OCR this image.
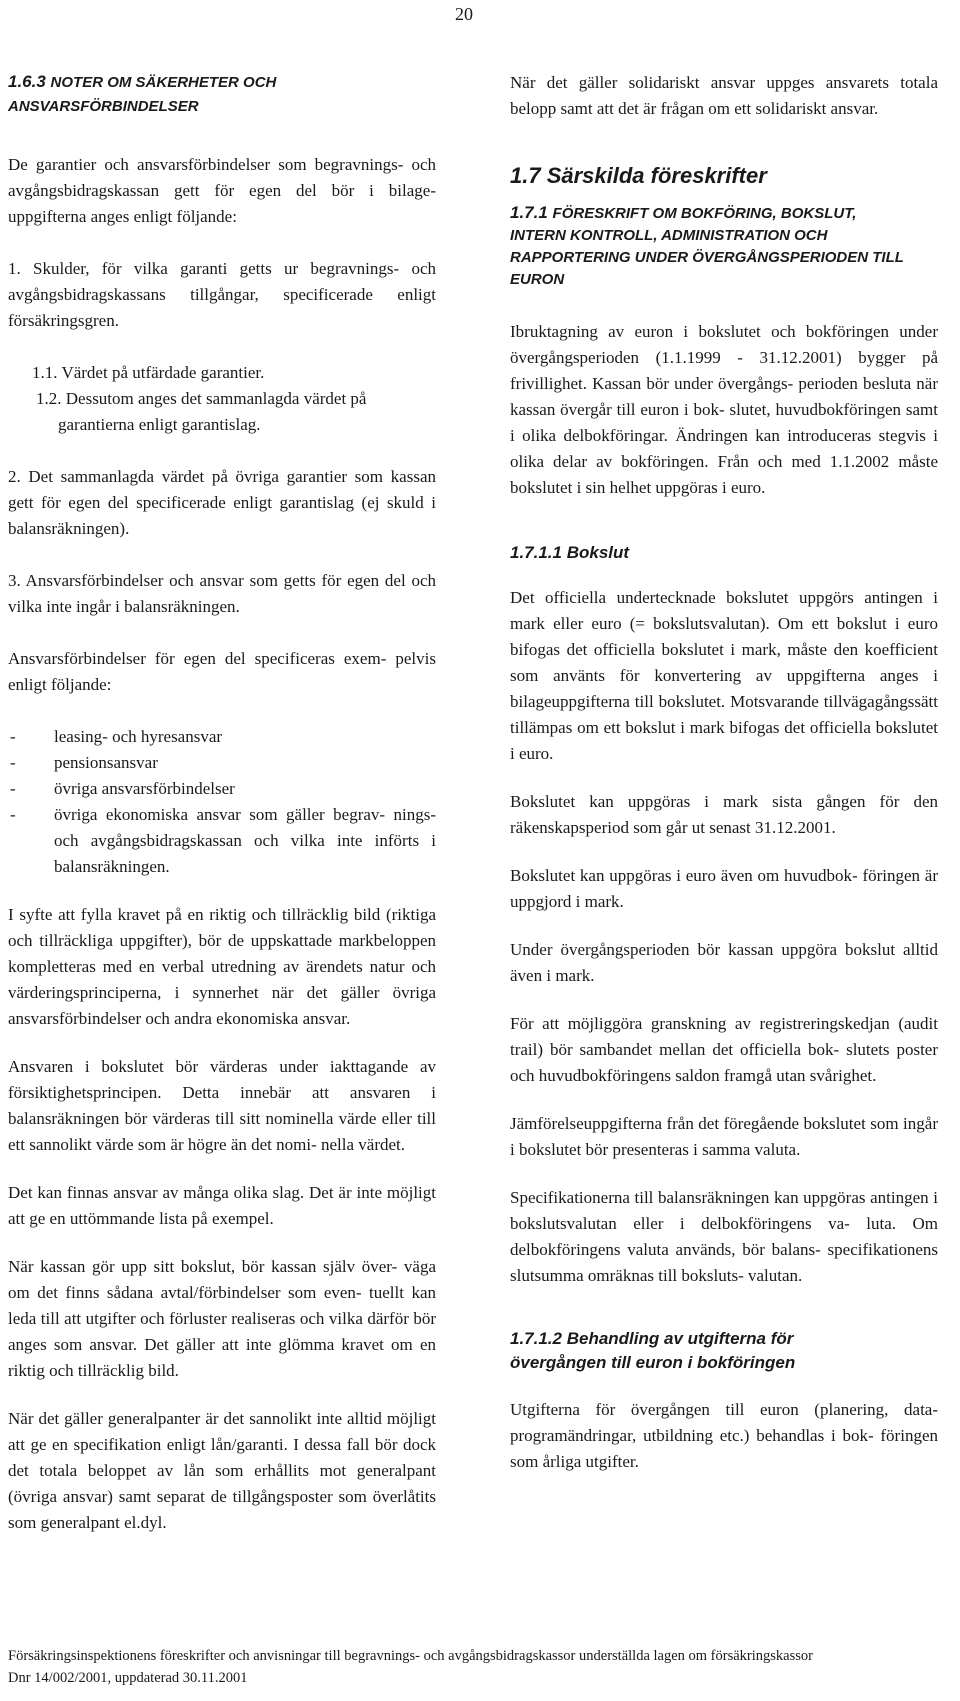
20
1.6.3 NOTER OM SÄKERHETER OCH
ANSVARSFÖRBINDELSER

De garantier och ansvarsförbindelser som begravnings- och avgångsbidragskassan gett för egen del bör i bilage- uppgifterna anges enligt följande:

1. Skulder, för vilka garanti getts ur begravnings- och avgångsbidragskassans tillgångar, specificerade enligt försäkringsgren.

1.1. Värdet på utfärdade garantier.

1.2. Dessutom anges det sammanlagda värdet på garantierna enligt garantislag.

2. Det sammanlagda värdet på övriga garantier som kassan gett för egen del specificerade enligt garantislag (ej skuld i balansräkningen).

3. Ansvarsförbindelser och ansvar som getts för egen del och vilka inte ingår i balansräkningen.

Ansvarsförbindelser för egen del specificeras exem- pelvis enligt följande:

- leasing- och hyresansvar
- pensionsansvar
- övriga ansvarsförbindelser
- övriga ekonomiska ansvar som gäller begrav- nings- och avgångsbidragskassan och vilka inte införts i balansräkningen.

I syfte att fylla kravet på en riktig och tillräcklig bild (riktiga och tillräckliga uppgifter), bör de uppskattade markbeloppen kompletteras med en verbal utredning av ärendets natur och värderingsprinciperna, i synnerhet när det gäller övriga ansvarsförbindelser och andra ekonomiska ansvar.

Ansvaren i bokslutet bör värderas under iakttagande av försiktighetsprincipen. Detta innebär att ansvaren i balansräkningen bör värderas till sitt nominella värde eller till ett sannolikt värde som är högre än det nomi- nella värdet.

Det kan finnas ansvar av många olika slag. Det är inte möjligt att ge en uttömmande lista på exempel.

När kassan gör upp sitt bokslut, bör kassan själv över- väga om det finns sådana avtal/förbindelser som even- tuellt kan leda till att utgifter och förluster realiseras och vilka därför bör anges som ansvar. Det gäller att inte glömma kravet om en riktig och tillräcklig bild.

När det gäller generalpanter är det sannolikt inte alltid möjligt att ge en specifikation enligt lån/garanti. I dessa fall bör dock det totala beloppet av lån som erhållits mot generalpant (övriga ansvar) samt separat de tillgångsposter som överlåtits som generalpant el.dyl.

När det gäller solidariskt ansvar uppges ansvarets totala belopp samt att det är frågan om ett solidariskt ansvar.

1.7 Särskilda föreskrifter
1.7.1 FÖRESKRIFT OM BOKFÖRING, BOKSLUT,
INTERN KONTROLL, ADMINISTRATION OCH
RAPPORTERING UNDER ÖVERGÅNGSPERIODEN TILL
EURON

Ibruktagning av euron i bokslutet och bokföringen under övergångsperioden (1.1.1999 - 31.12.2001) bygger på frivillighet. Kassan bör under övergångs- perioden besluta när kassan övergår till euron i bok- slutet, huvudbokföringen samt i olika delbokföringar. Ändringen kan introduceras stegvis i olika delar av bokföringen. Från och med 1.1.2002 måste bokslutet i sin helhet uppgöras i euro.

1.7.1.1 Bokslut

Det officiella undertecknade bokslutet uppgörs antingen i mark eller euro (= bokslutsvalutan). Om ett bokslut i euro bifogas det officiella bokslutet i mark, måste den koefficient som använts för konvertering av uppgifterna anges i bilageuppgifterna till bokslutet. Motsvarande tillvägagångssätt tillämpas om ett bokslut i mark bifogas det officiella bokslutet i euro.

Bokslutet kan uppgöras i mark sista gången för den räkenskapsperiod som går ut senast 31.12.2001.

Bokslutet kan uppgöras i euro även om huvudbok- föringen är uppgjord i mark.

Under övergångsperioden bör kassan uppgöra bokslut alltid även i mark.

För att möjliggöra granskning av registreringskedjan (audit trail) bör sambandet mellan det officiella bok- slutets poster och huvudbokföringens saldon framgå utan svårighet.

Jämförelseuppgifterna från det föregående bokslutet som ingår i bokslutet bör presenteras i samma valuta.

Specifikationerna till balansräkningen kan uppgöras antingen i bokslutsvalutan eller i delbokföringens va- luta. Om delbokföringens valuta används, bör balans- specifikationens slutsumma omräknas till boksluts- valutan.

1.7.1.2 Behandling av utgifterna för
övergången till euron i bokföringen

Utgifterna för övergången till euron (planering, data- programändringar, utbildning etc.) behandlas i bok- föringen som årliga utgifter.

Försäkringsinspektionens föreskrifter och anvisningar till begravnings- och avgångsbidragskassor underställda lagen om försäkringskassor
Dnr 14/002/2001, uppdaterad 30.11.2001
